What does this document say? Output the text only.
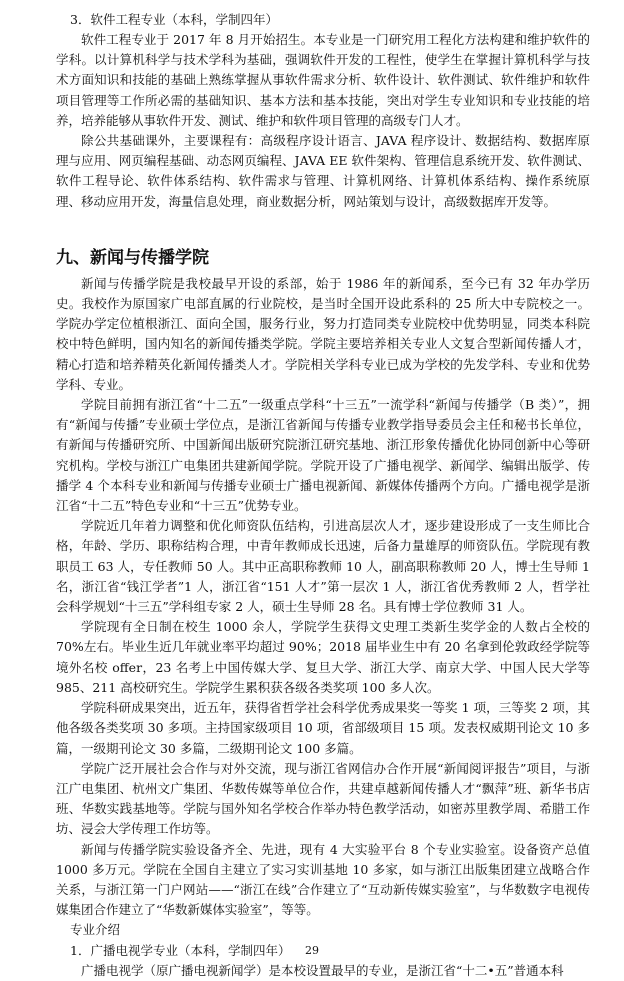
3．软件工程专业（本科，学制四年）

软件工程专业于 2017 年 8 月开始招生。本专业是一门研究用工程化方法构建和维护软件的学科。以计算机科学与技术学科为基础，强调软件开发的工程性，使学生在掌握计算机科学与技术方面知识和技能的基础上熟练掌握从事软件需求分析、软件设计、软件测试、软件维护和软件项目管理等工作所必需的基础知识、基本方法和基本技能，突出对学生专业知识和专业技能的培养，培养能够从事软件开发、测试、维护和软件项目管理的高级专门人才。

除公共基础课外，主要课程有：高级程序设计语言、JAVA 程序设计、数据结构、数据库原理与应用、网页编程基础、动态网页编程、JAVA EE 软件架构、管理信息系统开发、软件测试、软件工程导论、软件体系结构、软件需求与管理、计算机网络、计算机体系结构、操作系统原理、移动应用开发，海量信息处理，商业数据分析，网站策划与设计，高级数据库开发等。

九、新闻与传播学院

新闻与传播学院是我校最早开设的系部，始于 1986 年的新闻系，至今已有 32 年办学历史。我校作为原国家广电部直属的行业院校，是当时全国开设此系科的 25 所大中专院校之一。学院办学定位植根浙江、面向全国，服务行业，努力打造同类专业院校中优势明显，同类本科院校中特色鲜明，国内知名的新闻传播类学院。学院主要培养相关专业人文复合型新闻传播人才，精心打造和培养精英化新闻传播类人才。学院相关学科专业已成为学校的先发学科、专业和优势学科、专业。

学院目前拥有浙江省“十二五”一级重点学科“十三五”一流学科“新闻与传播学（B 类）”，拥有“新闻与传播”专业硕士学位点，是浙江省新闻与传播专业教学指导委员会主任和秘书长单位，有新闻与传播研究所、中国新闻出版研究院浙江研究基地、浙江形象传播优化协同创新中心等研究机构。学校与浙江广电集团共建新闻学院。学院开设了广播电视学、新闻学、编辑出版学、传播学 4 个本科专业和新闻与传播专业硕士广播电视新闻、新媒体传播两个方向。广播电视学是浙江省“十二五”特色专业和“十三五”优势专业。

学院近几年着力调整和优化师资队伍结构，引进高层次人才，逐步建设形成了一支生师比合格，年龄、学历、职称结构合理，中青年教师成长迅速，后备力量雄厚的师资队伍。学院现有教职员工 63 人，专任教师 50 人。其中正高职称教师 10 人，副高职称教师 20 人，博士生导师 1 名，浙江省“钱江学者”1 人，浙江省“151 人才”第一层次 1 人，浙江省优秀教师 2 人，哲学社会科学规划“十三五”学科组专家 2 人，硕士生导师 28 名。具有博士学位教师 31 人。

学院现有全日制在校生 1000 余人，学院学生获得文史理工类新生奖学金的人数占全校的 70%左右。毕业生近几年就业率平均超过 90%；2018 届毕业生中有 20 名拿到伦敦政经学院等境外名校 offer，23 名考上中国传媒大学、复旦大学、浙江大学、南京大学、中国人民大学等 985、211 高校研究生。学院学生累积获各级各类奖项 100 多人次。

学院科研成果突出，近五年，获得省哲学社会科学优秀成果奖一等奖 1 项，三等奖 2 项，其他各级各类奖项 30 多项。主持国家级项目 10 项，省部级项目 15 项。发表权威期刊论文 10 多篇，一级期刊论文 30 多篇，二级期刊论文 100 多篇。

学院广泛开展社会合作与对外交流，现与浙江省网信办合作开展“新闻阅评报告”项目，与浙江广电集团、杭州文广集团、华数传媒等单位合作，共建卓越新闻传播人才“飘萍”班、新华书店班、华数实践基地等。学院与国外知名学校合作举办特色教学活动，如密苏里教学周、希腊工作坊、浸会大学传理工作坊等。

新闻与传播学院实验设备齐全、先进，现有 4 大实验平台 8 个专业实验室。设备资产总值 1000 多万元。学院在全国自主建立了实习实训基地 10 多家，如与浙江出版集团建立战略合作关系，与浙江第一门户网站——“浙江在线”合作建立了“互动新传媒实验室”，与华数数字电视传媒集团合作建立了“华数新媒体实验室”，等等。

专业介绍
1．广播电视学专业（本科，学制四年）

广播电视学（原广播电视新闻学）是本校设置最早的专业，是浙江省“十二•五”普通本科

29
